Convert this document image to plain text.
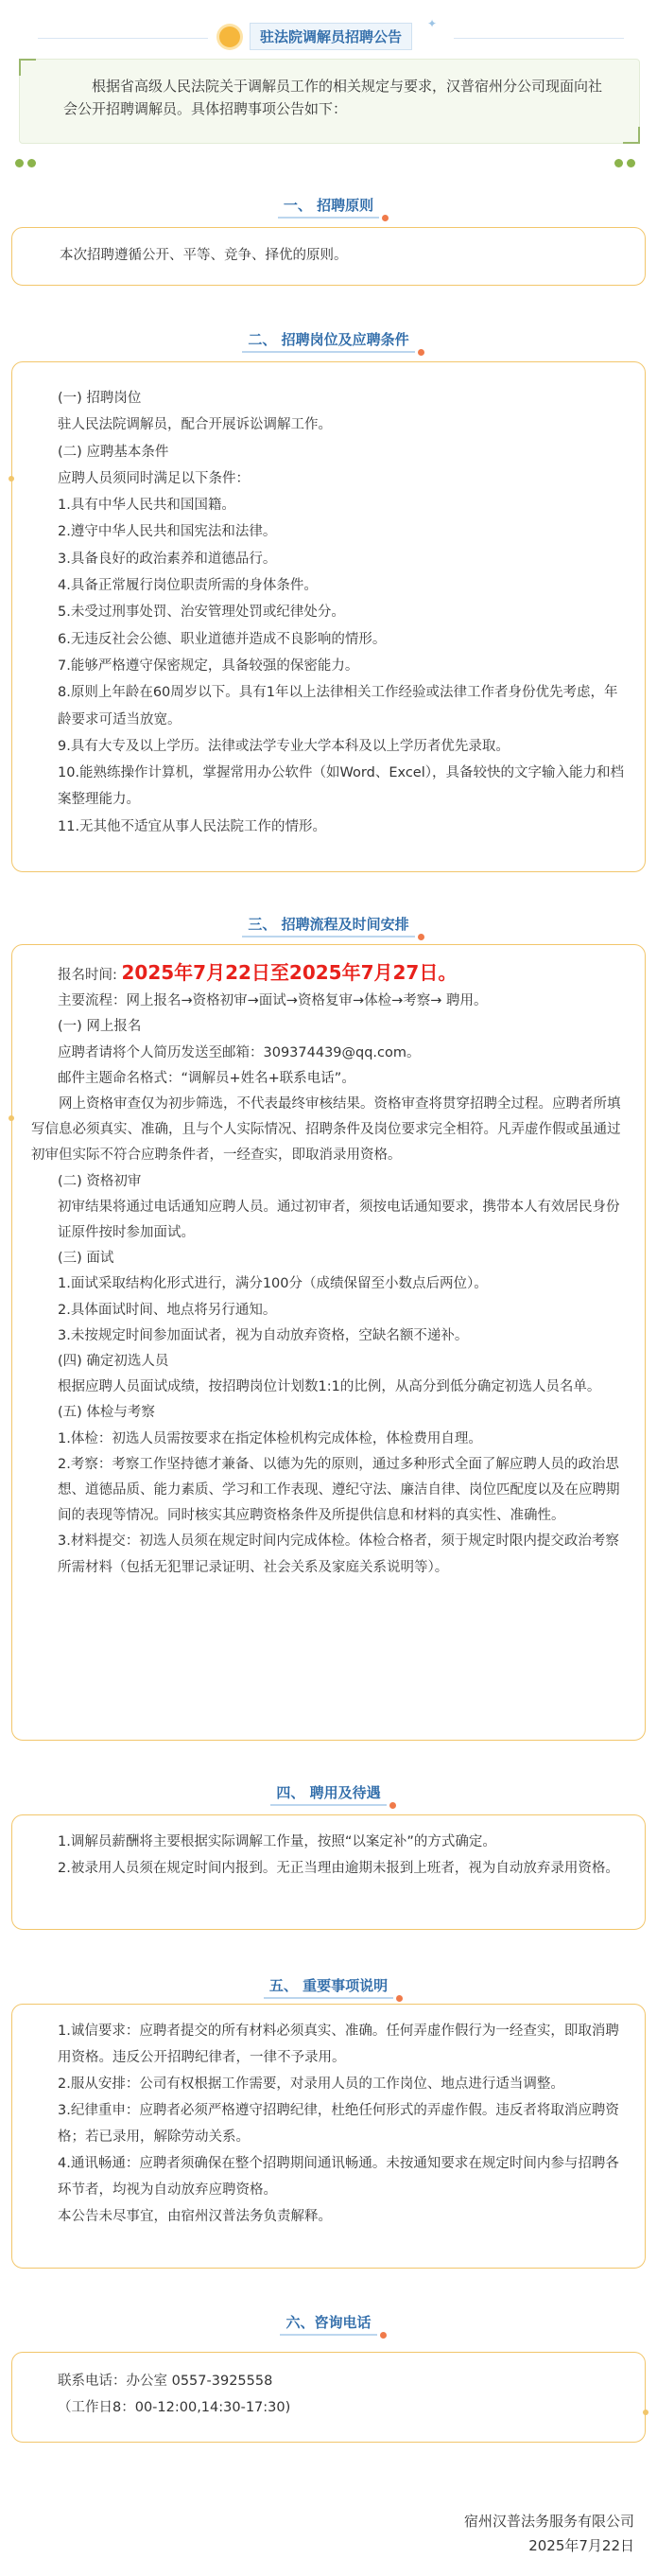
驻法院调解员招聘公告
✦

根据省高级人民法院关于调解员工作的相关规定与要求，汉普宿州分公司现面向社会公开招聘调解员。具体招聘事项公告如下：

一、 招聘原则
本次招聘遵循公开、平等、竞争、择优的原则。
二、 招聘岗位及应聘条件
(一) 招聘岗位
驻人民法院调解员，配合开展诉讼调解工作。
(二) 应聘基本条件
应聘人员须同时满足以下条件：
1.具有中华人民共和国国籍。
2.遵守中华人民共和国宪法和法律。
3.具备良好的政治素养和道德品行。
4.具备正常履行岗位职责所需的身体条件。
5.未受过刑事处罚、治安管理处罚或纪律处分。
6.无违反社会公德、职业道德并造成不良影响的情形。
7.能够严格遵守保密规定，具备较强的保密能力。
8.原则上年龄在60周岁以下。具有1年以上法律相关工作经验或法律工作者身份优先考虑，年龄要求可适当放宽。
9.具有大专及以上学历。法律或法学专业大学本科及以上学历者优先录取。
10.能熟练操作计算机，掌握常用办公软件（如Word、Excel），具备较快的文字输入能力和档案整理能力。
11.无其他不适宜从事人民法院工作的情形。
三、 招聘流程及时间安排
报名时间: 2025年7月22日至2025年7月27日。
主要流程：网上报名→资格初审→面试→资格复审→体检→考察→ 聘用。
(一) 网上报名
应聘者请将个人简历发送至邮箱：309374439@qq.com。
邮件主题命名格式：“调解员+姓名+联系电话”。
网上资格审查仅为初步筛选，不代表最终审核结果。资格审查将贯穿招聘全过程。应聘者所填写信息必须真实、准确，且与个人实际情况、招聘条件及岗位要求完全相符。凡弄虚作假或虽通过初审但实际不符合应聘条件者，一经查实，即取消录用资格。
(二) 资格初审
初审结果将通过电话通知应聘人员。通过初审者，须按电话通知要求，携带本人有效居民身份证原件按时参加面试。
(三) 面试
1.面试采取结构化形式进行，满分100分（成绩保留至小数点后两位）。
2.具体面试时间、地点将另行通知。
3.未按规定时间参加面试者，视为自动放弃资格，空缺名额不递补。
(四) 确定初选人员
根据应聘人员面试成绩，按招聘岗位计划数1:1的比例，从高分到低分确定初选人员名单。
(五) 体检与考察
1.体检：初选人员需按要求在指定体检机构完成体检，体检费用自理。
2.考察：考察工作坚持德才兼备、以德为先的原则，通过多种形式全面了解应聘人员的政治思想、道德品质、能力素质、学习和工作表现、遵纪守法、廉洁自律、岗位匹配度以及在应聘期间的表现等情况。同时核实其应聘资格条件及所提供信息和材料的真实性、准确性。
3.材料提交：初选人员须在规定时间内完成体检。体检合格者，须于规定时限内提交政治考察所需材料（包括无犯罪记录证明、社会关系及家庭关系说明等）。
四、 聘用及待遇
1.调解员薪酬将主要根据实际调解工作量，按照“以案定补”的方式确定。
2.被录用人员须在规定时间内报到。无正当理由逾期未报到上班者，视为自动放弃录用资格。
五、 重要事项说明
1.诚信要求：应聘者提交的所有材料必须真实、准确。任何弄虚作假行为一经查实，即取消聘用资格。违反公开招聘纪律者，一律不予录用。
2.服从安排：公司有权根据工作需要，对录用人员的工作岗位、地点进行适当调整。
3.纪律重申：应聘者必须严格遵守招聘纪律，杜绝任何形式的弄虚作假。违反者将取消应聘资格；若已录用，解除劳动关系。
4.通讯畅通：应聘者须确保在整个招聘期间通讯畅通。未按通知要求在规定时间内参与招聘各环节者，均视为自动放弃应聘资格。
本公告未尽事宜，由宿州汉普法务负责解释。
六、咨询电话
联系电话：办公室 0557-3925558
（工作日8：00-12:00,14:30-17:30)
宿州汉普法务服务有限公司
2025年7月22日
